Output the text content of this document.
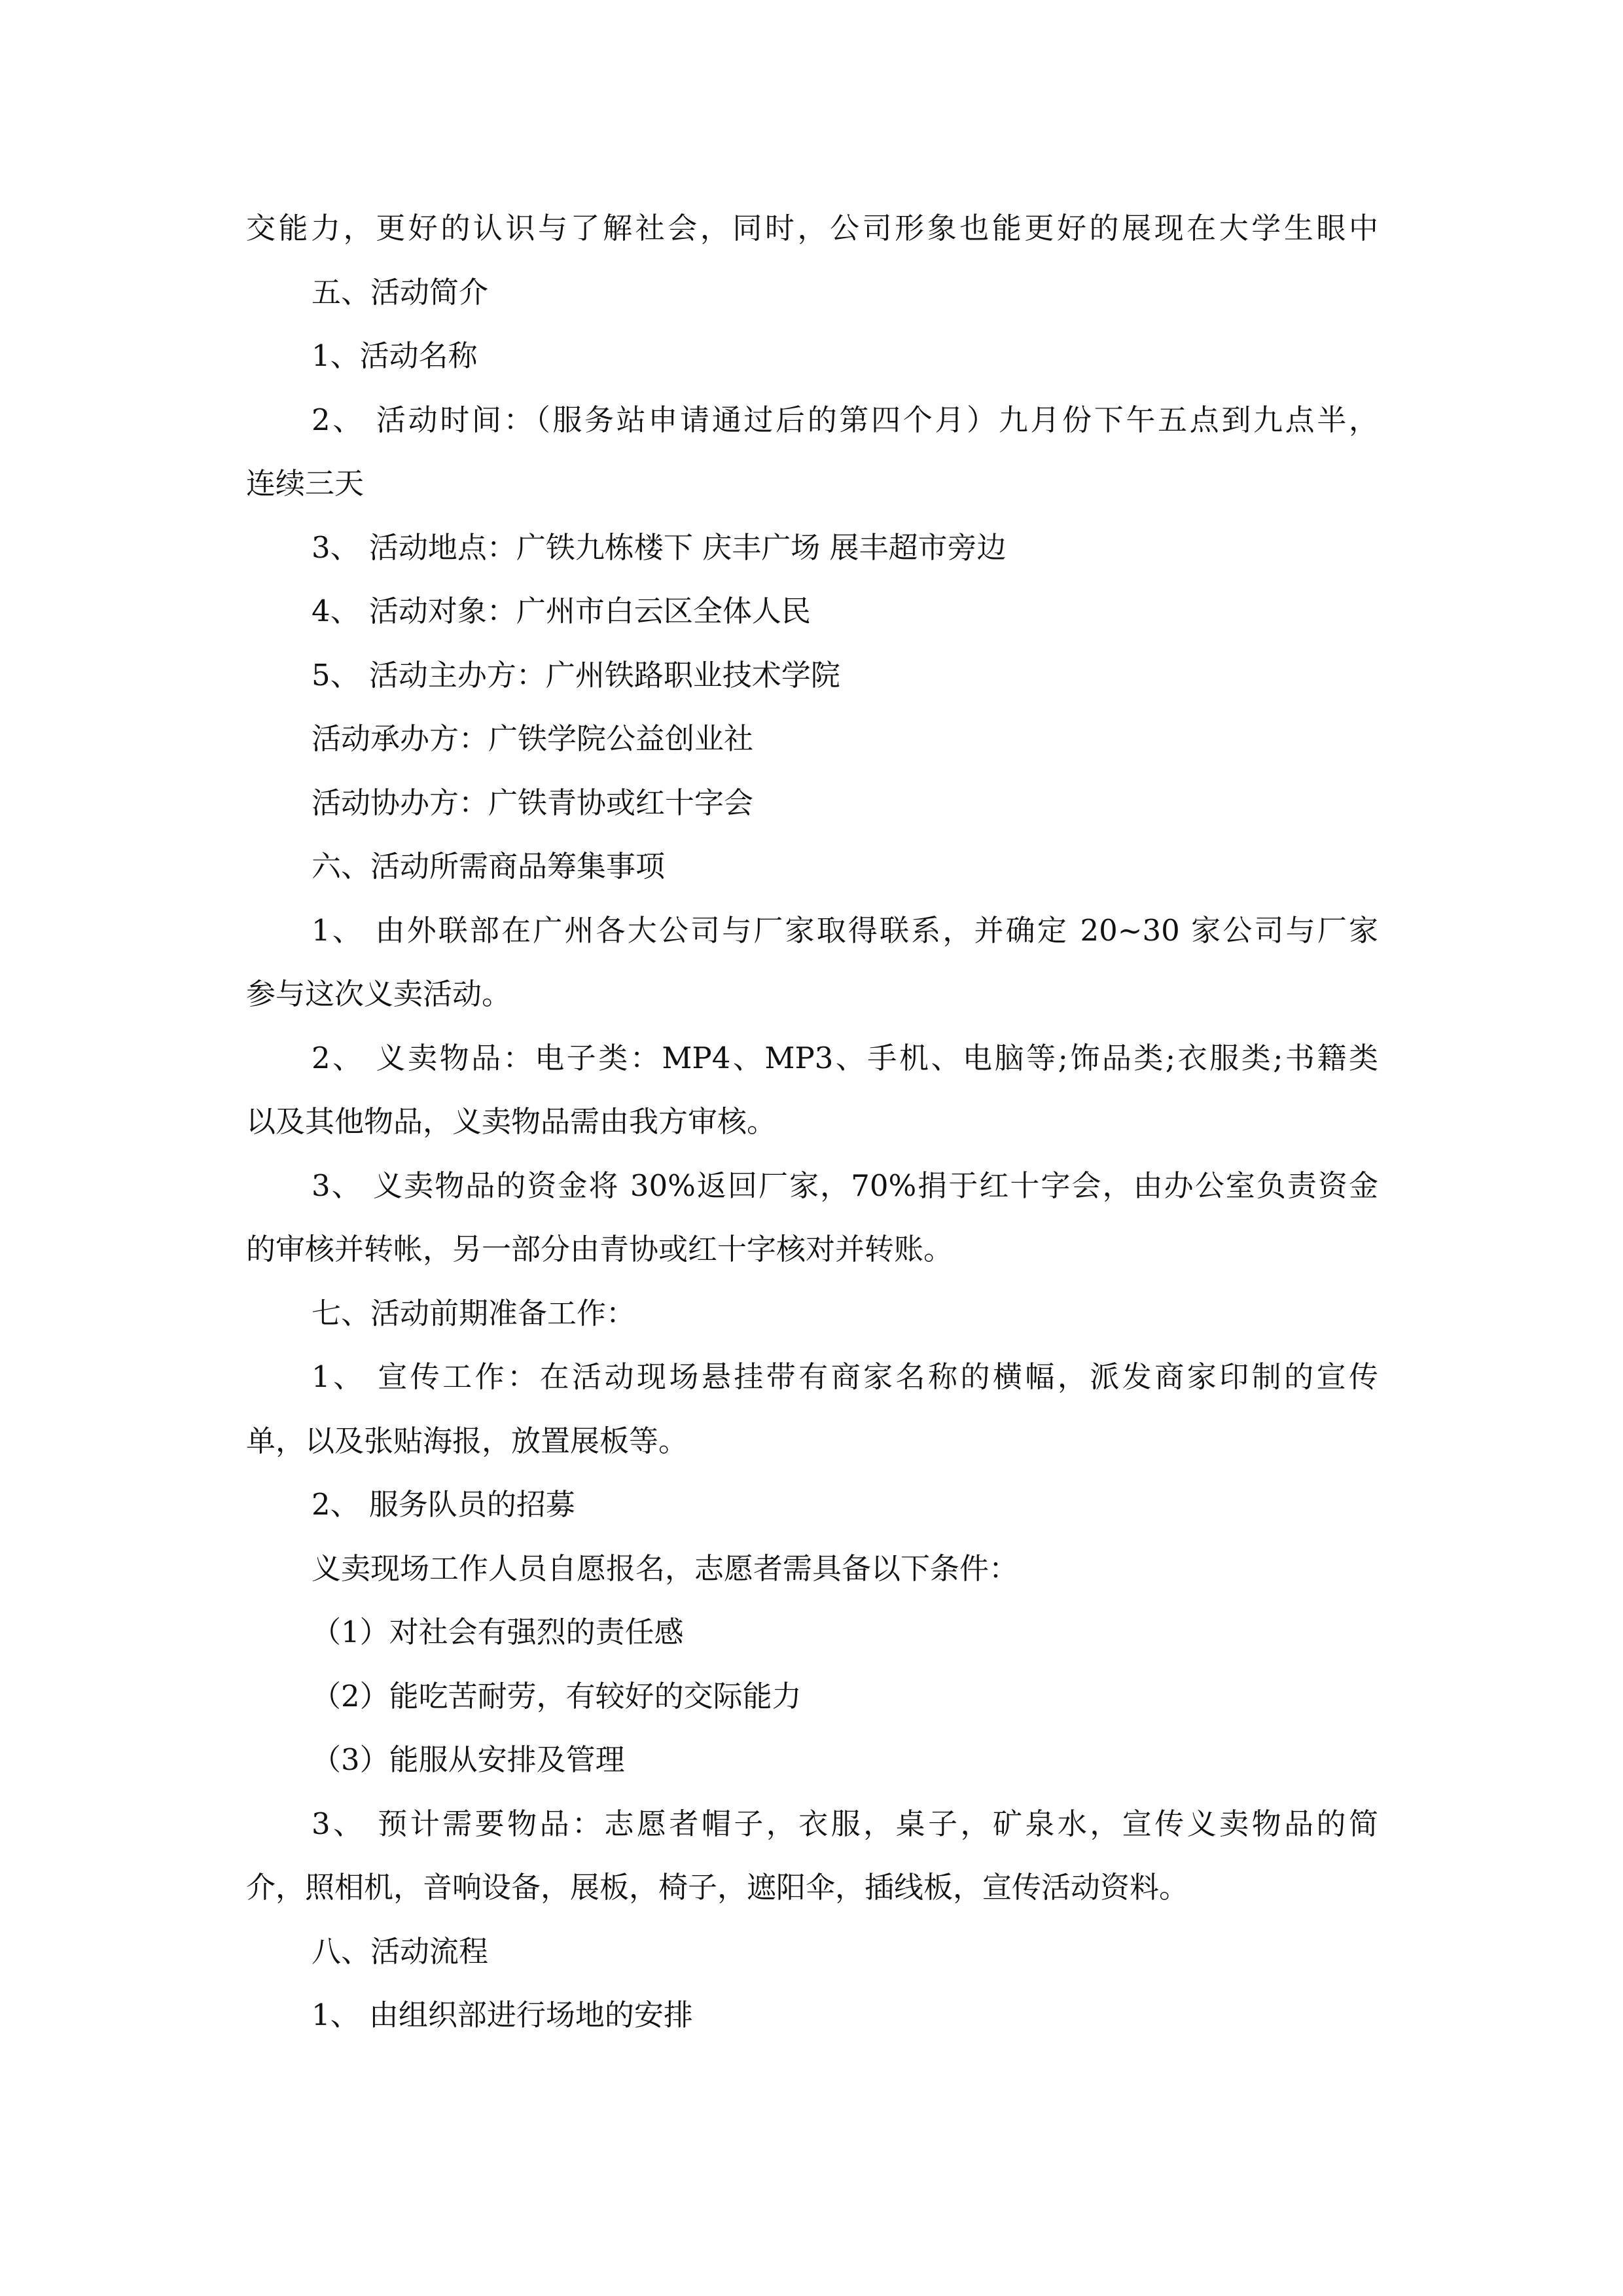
交能力，更好的认识与了解社会，同时，公司形象也能更好的展现在大学生眼中
五、活动简介
1、活动名称
2、 活动时间：（服务站申请通过后的第四个月）九月份下午五点到九点半，
连续三天
3、 活动地点：广铁九栋楼下 庆丰广场 展丰超市旁边
4、 活动对象：广州市白云区全体人民
5、 活动主办方：广州铁路职业技术学院
活动承办方：广铁学院公益创业社
活动协办方：广铁青协或红十字会
六、活动所需商品筹集事项
1、 由外联部在广州各大公司与厂家取得联系，并确定 20~30 家公司与厂家
参与这次义卖活动。
2、 义卖物品：电子类：MP4、MP3、手机、电脑等;饰品类;衣服类;书籍类
以及其他物品，义卖物品需由我方审核。
3、 义卖物品的资金将 30%返回厂家，70%捐于红十字会，由办公室负责资金
的审核并转帐，另一部分由青协或红十字核对并转账。
七、活动前期准备工作：
1、 宣传工作：在活动现场悬挂带有商家名称的横幅，派发商家印制的宣传
单，以及张贴海报，放置展板等。
2、 服务队员的招募
义卖现场工作人员自愿报名，志愿者需具备以下条件：
（1）对社会有强烈的责任感
（2）能吃苦耐劳，有较好的交际能力
（3）能服从安排及管理
3、 预计需要物品：志愿者帽子，衣服，桌子，矿泉水，宣传义卖物品的简
介，照相机，音响设备，展板，椅子，遮阳伞，插线板，宣传活动资料。
八、活动流程
1、 由组织部进行场地的安排
